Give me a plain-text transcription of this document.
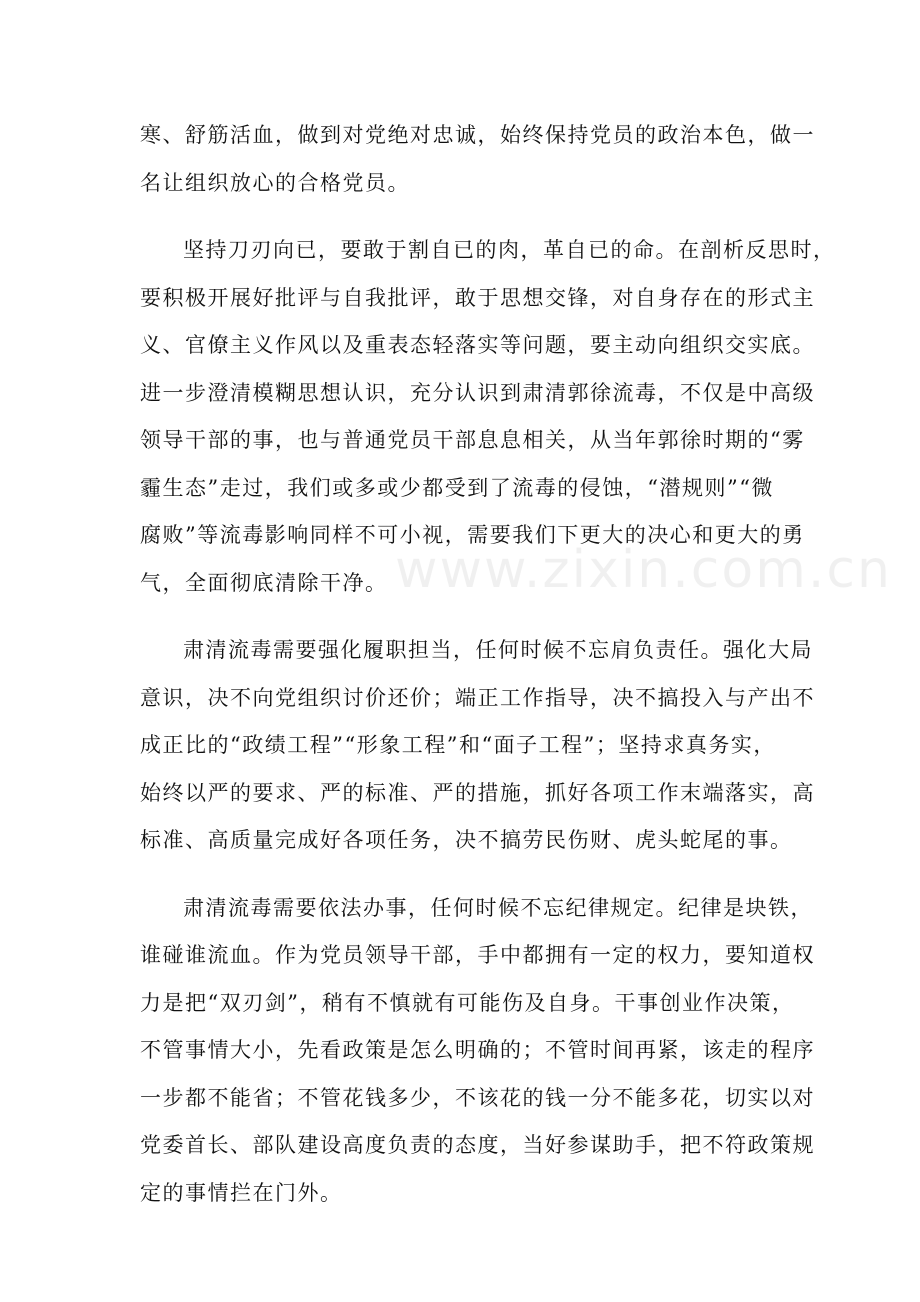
www.zixin.com.cn
寒、舒筋活血，做到对党绝对忠诚，始终保持党员的政治本色，做一
名让组织放心的合格党员。
坚持刀刃向已，要敢于割自已的肉，革自已的命。在剖析反思时，
要积极开展好批评与自我批评，敢于思想交锋，对自身存在的形式主
义、官僚主义作风以及重表态轻落实等问题，要主动向组织交实底。
进一步澄清模糊思想认识，充分认识到肃清郭徐流毒，不仅是中高级
领导干部的事，也与普通党员干部息息相关，从当年郭徐时期的“雾
霾生态”走过，我们或多或少都受到了流毒的侵蚀，“潜规则”“微
腐败”等流毒影响同样不可小视，需要我们下更大的决心和更大的勇
气，全面彻底清除干净。
肃清流毒需要强化履职担当，任何时候不忘肩负责任。强化大局
意识，决不向党组织讨价还价；端正工作指导，决不搞投入与产出不
成正比的“政绩工程”“形象工程”和“面子工程”；坚持求真务实，
始终以严的要求、严的标准、严的措施，抓好各项工作末端落实，高
标准、高质量完成好各项任务，决不搞劳民伤财、虎头蛇尾的事。
肃清流毒需要依法办事，任何时候不忘纪律规定。纪律是块铁，
谁碰谁流血。作为党员领导干部，手中都拥有一定的权力，要知道权
力是把“双刃剑”，稍有不慎就有可能伤及自身。干事创业作决策，
不管事情大小，先看政策是怎么明确的；不管时间再紧，该走的程序
一步都不能省；不管花钱多少，不该花的钱一分不能多花，切实以对
党委首长、部队建设高度负责的态度，当好参谋助手，把不符政策规
定的事情拦在门外。
